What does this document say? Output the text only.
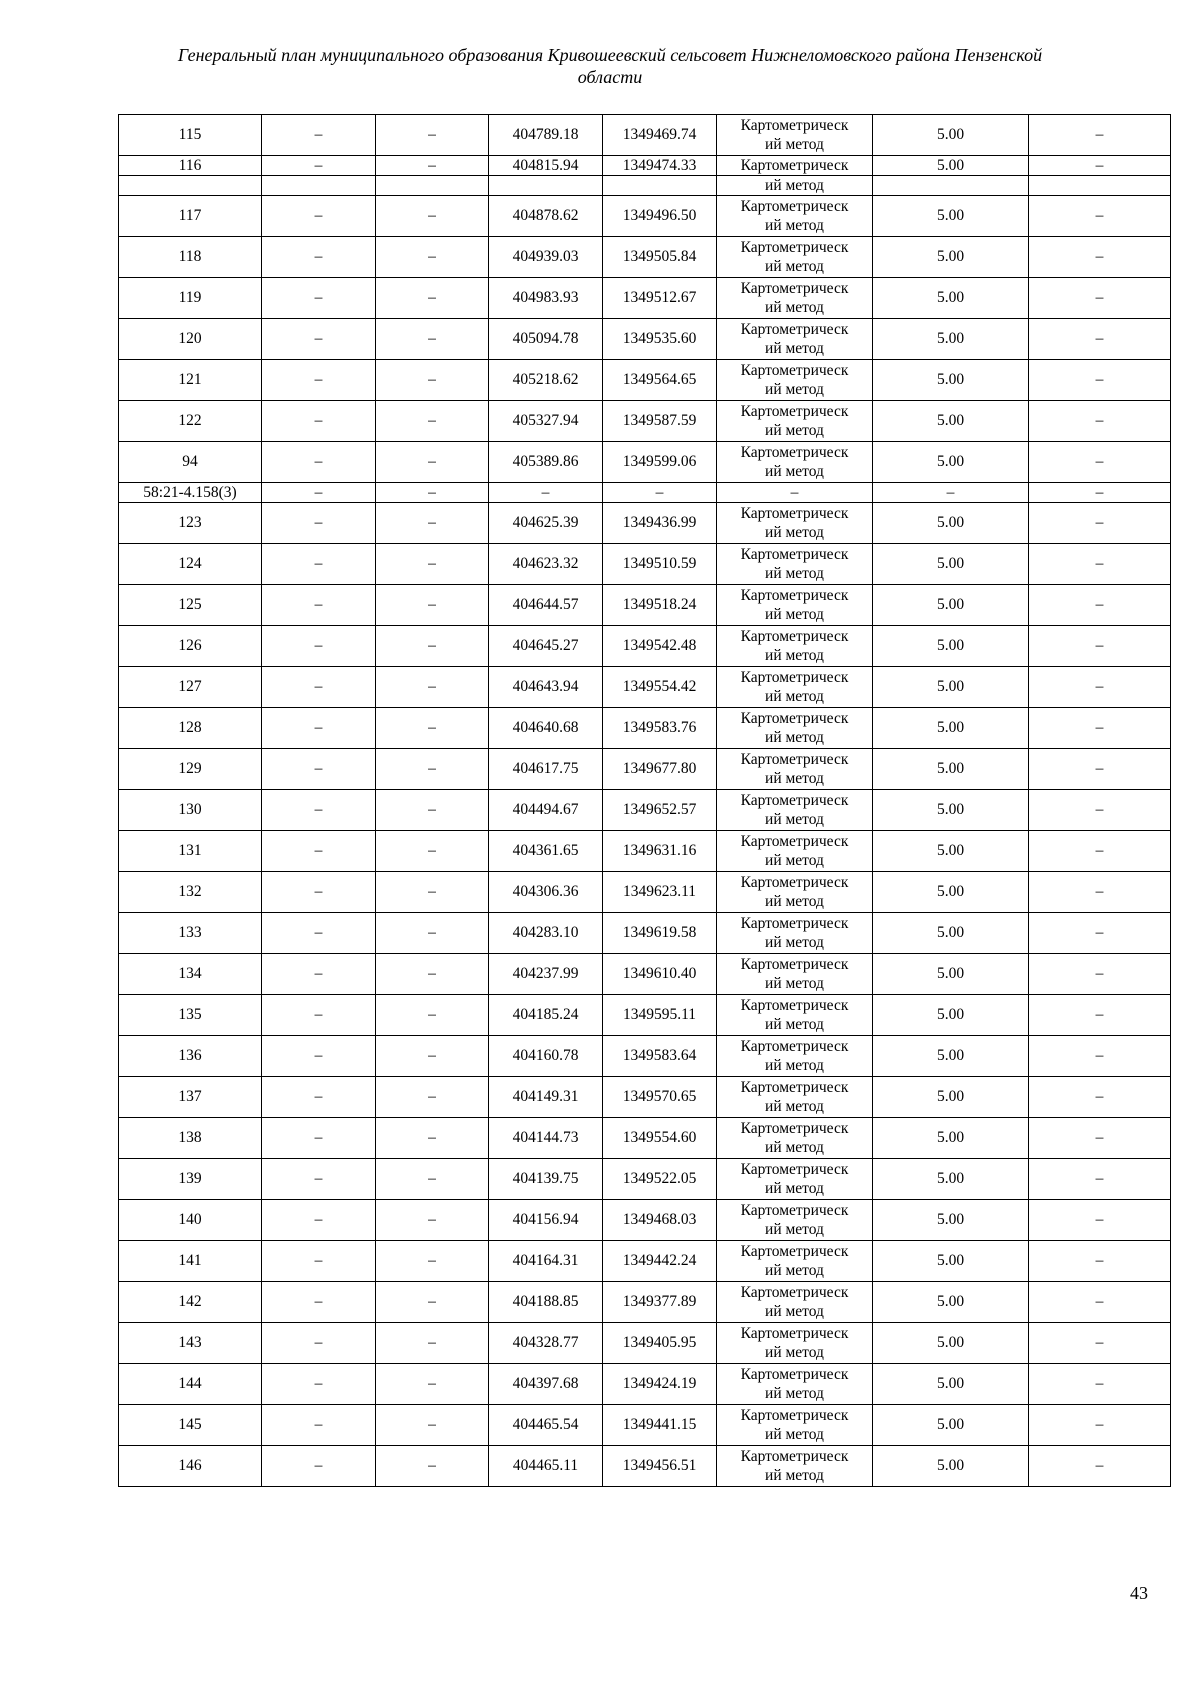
Генеральный план муниципального образования Кривошеевский сельсовет Нижнеломовского района Пензенской
области
115	–	–	404789.18	1349469.74	Картометрическ
ий метод	5.00	–
116	–	–	404815.94	1349474.33	Картометрическ	5.00	–

					ий метод		

117	–	–	404878.62	1349496.50	Картометрическ
ий метод	5.00	–
118	–	–	404939.03	1349505.84	Картометрическ
ий метод	5.00	–
119	–	–	404983.93	1349512.67	Картометрическ
ий метод	5.00	–
120	–	–	405094.78	1349535.60	Картометрическ
ий метод	5.00	–
121	–	–	405218.62	1349564.65	Картометрическ
ий метод	5.00	–
122	–	–	405327.94	1349587.59	Картометрическ
ий метод	5.00	–
94	–	–	405389.86	1349599.06	Картометрическ
ий метод	5.00	–
58:21-4.158(3)	–	–	–	–	–	–	–
123	–	–	404625.39	1349436.99	Картометрическ
ий метод	5.00	–
124	–	–	404623.32	1349510.59	Картометрическ
ий метод	5.00	–
125	–	–	404644.57	1349518.24	Картометрическ
ий метод	5.00	–
126	–	–	404645.27	1349542.48	Картометрическ
ий метод	5.00	–
127	–	–	404643.94	1349554.42	Картометрическ
ий метод	5.00	–
128	–	–	404640.68	1349583.76	Картометрическ
ий метод	5.00	–
129	–	–	404617.75	1349677.80	Картометрическ
ий метод	5.00	–
130	–	–	404494.67	1349652.57	Картометрическ
ий метод	5.00	–
131	–	–	404361.65	1349631.16	Картометрическ
ий метод	5.00	–
132	–	–	404306.36	1349623.11	Картометрическ
ий метод	5.00	–
133	–	–	404283.10	1349619.58	Картометрическ
ий метод	5.00	–
134	–	–	404237.99	1349610.40	Картометрическ
ий метод	5.00	–
135	–	–	404185.24	1349595.11	Картометрическ
ий метод	5.00	–
136	–	–	404160.78	1349583.64	Картометрическ
ий метод	5.00	–
137	–	–	404149.31	1349570.65	Картометрическ
ий метод	5.00	–
138	–	–	404144.73	1349554.60	Картометрическ
ий метод	5.00	–
139	–	–	404139.75	1349522.05	Картометрическ
ий метод	5.00	–
140	–	–	404156.94	1349468.03	Картометрическ
ий метод	5.00	–
141	–	–	404164.31	1349442.24	Картометрическ
ий метод	5.00	–
142	–	–	404188.85	1349377.89	Картометрическ
ий метод	5.00	–
143	–	–	404328.77	1349405.95	Картометрическ
ий метод	5.00	–
144	–	–	404397.68	1349424.19	Картометрическ
ий метод	5.00	–
145	–	–	404465.54	1349441.15	Картометрическ
ий метод	5.00	–
146	–	–	404465.11	1349456.51	Картометрическ
ий метод	5.00	–
43
